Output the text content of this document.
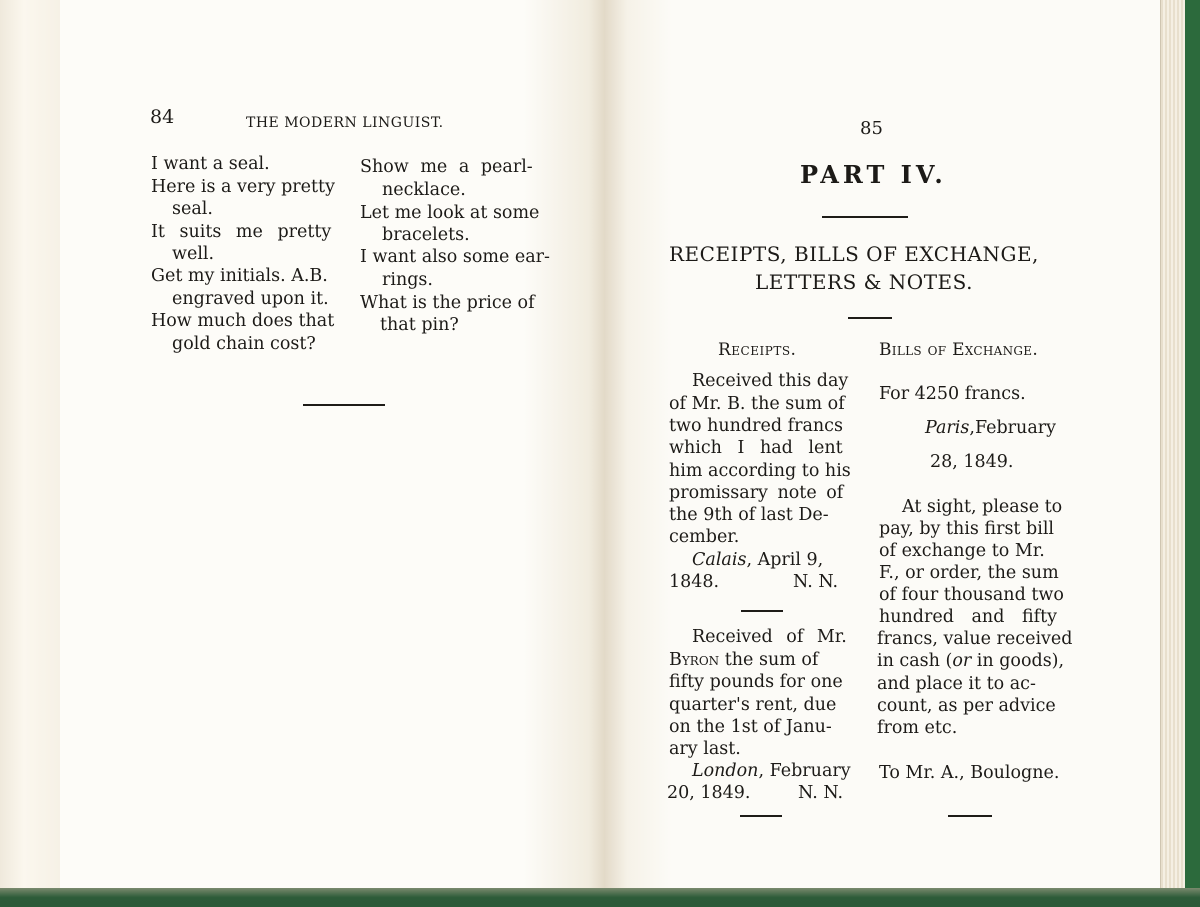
84	THE MODERN LINGUIST.
I want a seal.
Here is a very pretty
seal.
It suits me pretty
well.
Get my initials. A.B.
engraved upon it.
How much does that
gold chain cost?
Show me a pearl-
necklace.
Let me look at some
bracelets.
I want also some ear-
rings.
What is the price of
that pin?
85
PART IV.
RECEIPTS, BILLS OF EXCHANGE,
LETTERS & NOTES.
Receipts.
Received this day
of Mr. B. the sum of
two hundred francs
which I had lent
him according to his
promissary note of
the 9th of last De-
cember.
Calais, April 9,
1848.	N. N.
Received of Mr.
Byron the sum of
fifty pounds for one
quarter's rent, due
on the 1st of Janu-
ary last.
London, February
20, 1849.	N. N.
Bills of Exchange.
For 4250 francs.
Paris,February
28, 1849.
At sight, please to
pay, by this first bill
of exchange to Mr.
F., or order, the sum
of four thousand two
hundred and fifty
francs, value received
in cash (or in goods),
and place it to ac-
count, as per advice
from etc.
To Mr. A., Boulogne.
